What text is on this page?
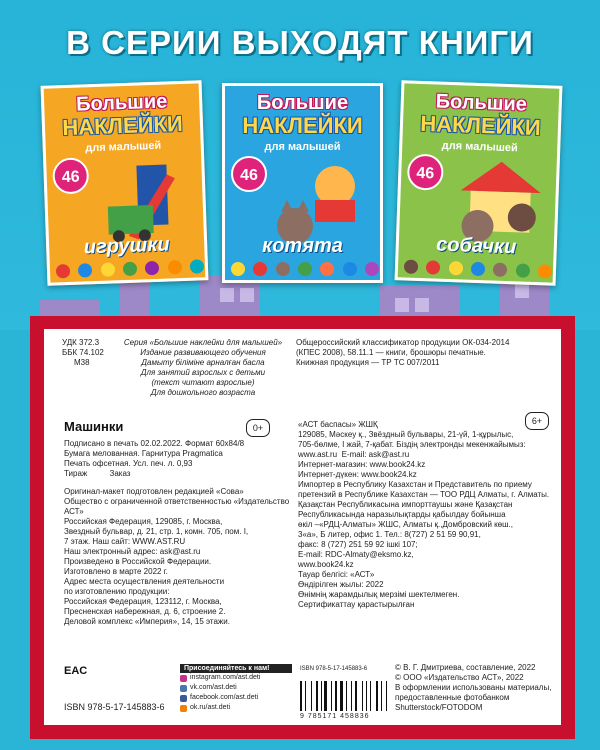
В СЕРИИ ВЫХОДЯТ КНИГИ
Большие
НАКЛЕЙКИ
для малышей
46
игрушки
Большие
НАКЛЕЙКИ
для малышей
46
котята
Большие
НАКЛЕЙКИ
для малышей
46
собачки
УДК 372.3
ББК 74.102
М38
Серия «Большие наклейки для малышей»
Издание развивающего обучения
Дамыту біліміне арналған басла
Для занятий взрослых с детьми
(текст читают взрослые)
Для дошкольного возраста
Общероссийский классификатор продукции ОК-034-2014
(КПЕС 2008), 58.11.1 — книги, брошюры печатные.
Книжная продукция — ТР ТС 007/2011
Машинки	0+
6+
Подписано в печать 02.02.2022. Формат 60х84/8
Бумага мелованная. Гарнитура Pragmatica
Печать офсетная. Усл. печ. л. 0,93
Тираж          Заказ
Оригинал-макет подготовлен редакцией «Сова»
Общество с ограниченной ответственностью «Издательство АСТ»
Российская Федерация, 129085, г. Москва,
Звездный бульвар, д. 21, стр. 1, комн. 705, пом. I,
7 этаж. Наш сайт: WWW.AST.RU
Наш электронный адрес: ask@ast.ru
Произведено в Российской Федерации.
Изготовлено в марте 2022 г.
Адрес места осуществления деятельности
по изготовлению продукции:
Российская Федерация, 123112, г. Москва,
Пресненская набережная, д. 6, строение 2.
Деловой комплекс «Империя», 14, 15 этажи.
«АСТ баспасы» ЖШҚ
129085, Мәскеу қ., Звёздный бульвары, 21-үй, 1-құрылыс,
705-бөлме, I жай, 7-қабат. Біздің электронды мекенжайымыз:
www.ast.ru  E-mail: ask@ast.ru
Интернет-магазин: www.book24.kz
Интернет-дүкен: www.book24.kz
Импортер в Республику Казахстан и Представитель по приему
претензий в Республике Казахстан — ТОО РДЦ Алматы, г. Алматы.
Қазақстан Республикасына импорттаушы және Қазақстан
Республикасында наразылықтарды қабылдау бойынша
өкіл –«РДЦ-Алматы» ЖШС, Алматы қ.,Домбровский көш.,
3«а», Б литер, офис 1. Тел.: 8(727) 2 51 59 90,91,
факс: 8 (727) 251 59 92 ішкі 107;
E-mail: RDC-Almaty@eksmo.kz,
www.book24.kz
Тауар белгісі: «АСТ»
Өндірілген жылы: 2022
Өнімнің жарамдылық мерзімі шектелмеген.
Сертификаттау қарастырылған
EAC	Присоединяйтесь к нам!
instagram.com/ast.deti
vk.com/ast.deti
facebook.com/ast.deti
ok.ru/ast.deti
ISBN 978-5-17-145883-6
9 785171 458836
ISBN 978-5-17-145883-6
© В. Г. Дмитриева, составление, 2022
© ООО «Издательство АСТ», 2022
В оформлении использованы материалы,
предоставленные фотобанком
Shutterstock/FOTODOM
